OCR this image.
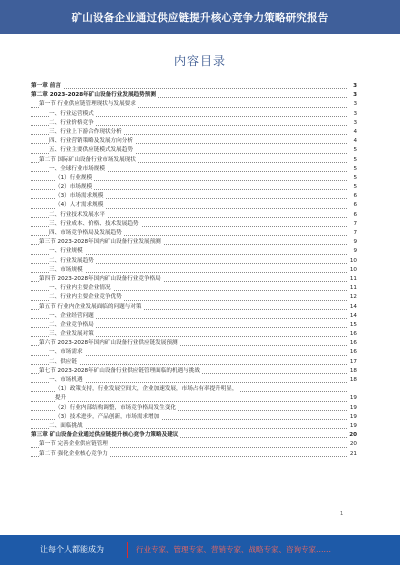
矿山设备企业通过供应链提升核心竞争力策略研究报告
内容目录
第一章 前言	3
第二章 2023-2028年矿山设备行业发展趋势预测	3
第一节 行业供应链管理现状与发展要求	3
一、行业运营模式	3
二、行业价格竞争	3
三、行业上下游合作现状分析	4
四、行业营销策略及发展方向分析	4
五、行业主要供应链模式发展趋势	5
第二节 国际矿山设备行业市场发展现状	5
一、全球行业市场规模	5
（1）行业规模	5
（2）市场规模	5
（3）市场需求规模	6
（4）人才需求规模	6
二、行业技术发展水平	6
三、行业成本、价格、技术发展趋势	7
四、市场竞争格局及发展趋势	7
第三节 2023-2028年国内矿山设备行业发展预测	9
一、行业规模	9
二、行业发展趋势	10
三、市场规模	10
第四节 2023-2028年国内矿山设备行业竞争格局	11
一、行业内主要企业情况	11
二、行业内主要企业竞争优势	12
第五节 行业内企业发展面临的问题与对策	14
一、企业经营问题	14
二、企业竞争格局	15
三、企业发展对策	16
第六节 2023-2028年国内矿山设备行业供应链发展预测	16
一、市场需求	16
二、供应链	17
第七节 2023-2028年矿山设备行业供应链管理面临的机遇与挑战	18
一、市场机遇	18
（1）政策支持，行业发展空间大，企业加速发展，市场占有率提升明显，
提升	19
（2）行业内部结构调整，市场竞争格局发生变化	19
（3）技术进步，产品创新，市场需求增加	19
二、面临挑战	19
第三章 矿山设备企业通过供应链提升核心竞争力策略及建议	20
第一节 完善企业供应链管理	20
第二节 强化企业核心竞争力	21
1
让每个人都能成为	行业专家、管理专家、营销专家、战略专家、咨询专家……
